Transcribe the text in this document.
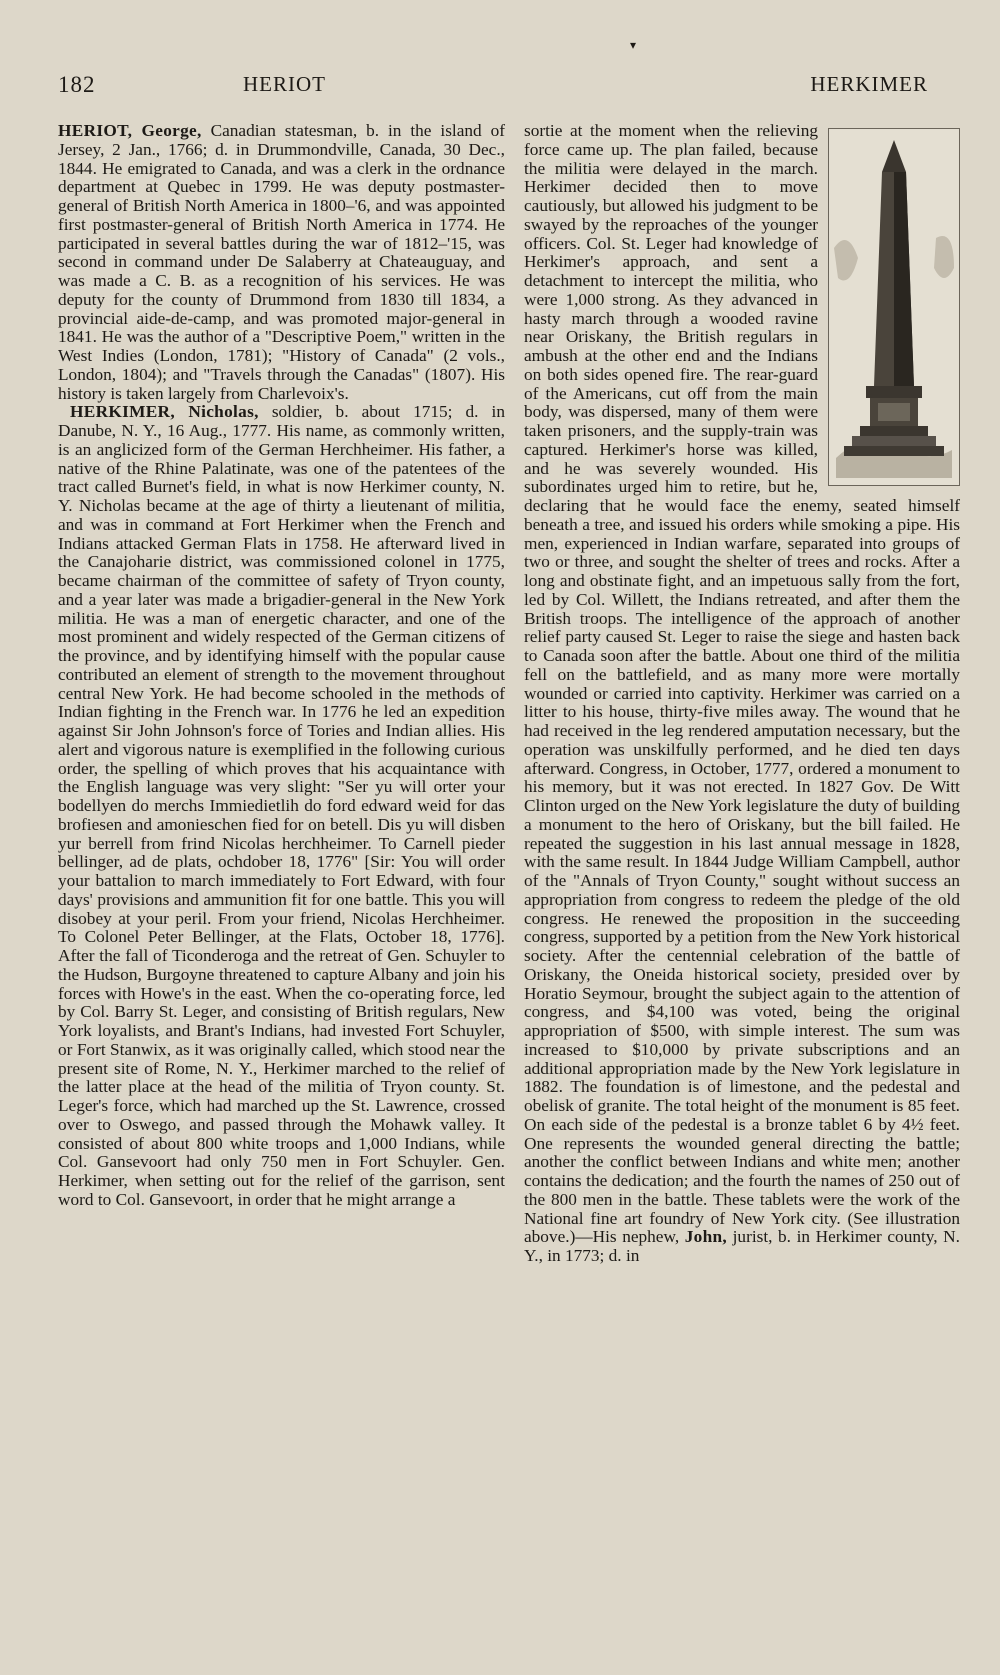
▾
182	HERIOT	HERKIMER

HERIOT, George, Canadian statesman, b. in the island of Jersey, 2 Jan., 1766; d. in Drummondville, Canada, 30 Dec., 1844. He emigrated to Canada, and was a clerk in the ordnance department at Quebec in 1799. He was deputy postmaster-general of British North America in 1800–'6, and was appointed first postmaster-general of British North America in 1774. He participated in several battles during the war of 1812–'15, was second in command under De Salaberry at Chateauguay, and was made a C. B. as a recognition of his services. He was deputy for the county of Drummond from 1830 till 1834, a provincial aide-de-camp, and was promoted major-general in 1841. He was the author of a "Descriptive Poem," written in the West Indies (London, 1781); "History of Canada" (2 vols., London, 1804); and "Travels through the Canadas" (1807). His history is taken largely from Charlevoix's.

HERKIMER, Nicholas, soldier, b. about 1715; d. in Danube, N. Y., 16 Aug., 1777. His name, as commonly written, is an anglicized form of the German Herchheimer. His father, a native of the Rhine Palatinate, was one of the patentees of the tract called Burnet's field, in what is now Herkimer county, N. Y. Nicholas became at the age of thirty a lieutenant of militia, and was in command at Fort Herkimer when the French and Indians attacked German Flats in 1758. He afterward lived in the Canajoharie district, was commissioned colonel in 1775, became chairman of the committee of safety of Tryon county, and a year later was made a brigadier-general in the New York militia. He was a man of energetic character, and one of the most prominent and widely respected of the German citizens of the province, and by identifying himself with the popular cause contributed an element of strength to the movement throughout central New York. He had become schooled in the methods of Indian fighting in the French war. In 1776 he led an expedition against Sir John Johnson's force of Tories and Indian allies. His alert and vigorous nature is exemplified in the following curious order, the spelling of which proves that his acquaintance with the English language was very slight: "Ser yu will orter your bodellyen do merchs Immiedietlih do ford edward weid for das brofiesen and amonieschen fied for on betell. Dis yu will disben yur berrell from frind Nicolas herchheimer. To Carnell pieder bellinger, ad de plats, ochdober 18, 1776" [Sir: You will order your battalion to march immediately to Fort Edward, with four days' provisions and ammunition fit for one battle. This you will disobey at your peril. From your friend, Nicolas Herchheimer. To Colonel Peter Bellinger, at the Flats, October 18, 1776]. After the fall of Ticonderoga and the retreat of Gen. Schuyler to the Hudson, Burgoyne threatened to capture Albany and join his forces with Howe's in the east. When the co-operating force, led by Col. Barry St. Leger, and consisting of British regulars, New York loyalists, and Brant's Indians, had invested Fort Schuyler, or Fort Stanwix, as it was originally called, which stood near the present site of Rome, N. Y., Herkimer marched to the relief of the latter place at the head of the militia of Tryon county. St. Leger's force, which had marched up the St. Lawrence, crossed over to Oswego, and passed through the Mohawk valley. It consisted of about 800 white troops and 1,000 Indians, while Col. Gansevoort had only 750 men in Fort Schuyler. Gen. Herkimer, when setting out for the relief of the garrison, sent word to Col. Gansevoort, in order that he might arrange a

sortie at the moment when the relieving force came up. The plan failed, because the militia were delayed in the march. Herkimer decided then to move cautiously, but allowed his judgment to be swayed by the reproaches of the younger officers. Col. St. Leger had knowledge of Herkimer's approach, and sent a detachment to intercept the militia, who were 1,000 strong. As they advanced in hasty march through a wooded ravine near Oriskany, the British regulars in ambush at the other end and the Indians on both sides opened fire. The rear-guard of the Americans, cut off from the main body, was dispersed, many of them were taken prisoners, and the supply-train was captured. Herkimer's horse was killed, and he was severely wounded. His subordinates urged him to retire, but he, declaring that he would face the enemy, seated himself beneath a tree, and issued his orders while smoking a pipe. His men, experienced in Indian warfare, separated into groups of two or three, and sought the shelter of trees and rocks. After a long and obstinate fight, and an impetuous sally from the fort, led by Col. Willett, the Indians retreated, and after them the British troops. The intelligence of the approach of another relief party caused St. Leger to raise the siege and hasten back to Canada soon after the battle. About one third of the militia fell on the battlefield, and as many more were mortally wounded or carried into captivity. Herkimer was carried on a litter to his house, thirty-five miles away. The wound that he had received in the leg rendered amputation necessary, but the operation was unskilfully performed, and he died ten days afterward. Congress, in October, 1777, ordered a monument to his memory, but it was not erected. In 1827 Gov. De Witt Clinton urged on the New York legislature the duty of building a monument to the hero of Oriskany, but the bill failed. He repeated the suggestion in his last annual message in 1828, with the same result. In 1844 Judge William Campbell, author of the "Annals of Tryon County," sought without success an appropriation from congress to redeem the pledge of the old congress. He renewed the proposition in the succeeding congress, supported by a petition from the New York historical society. After the centennial celebration of the battle of Oriskany, the Oneida historical society, presided over by Horatio Seymour, brought the subject again to the attention of congress, and $4,100 was voted, being the original appropriation of $500, with simple interest. The sum was increased to $10,000 by private subscriptions and an additional appropriation made by the New York legislature in 1882. The foundation is of limestone, and the pedestal and obelisk of granite. The total height of the monument is 85 feet. On each side of the pedestal is a bronze tablet 6 by 4½ feet. One represents the wounded general directing the battle; another the conflict between Indians and white men; another contains the dedication; and the fourth the names of 250 out of the 800 men in the battle. These tablets were the work of the National fine art foundry of New York city. (See illustration above.)—His nephew, John, jurist, b. in Herkimer county, N. Y., in 1773; d. in
